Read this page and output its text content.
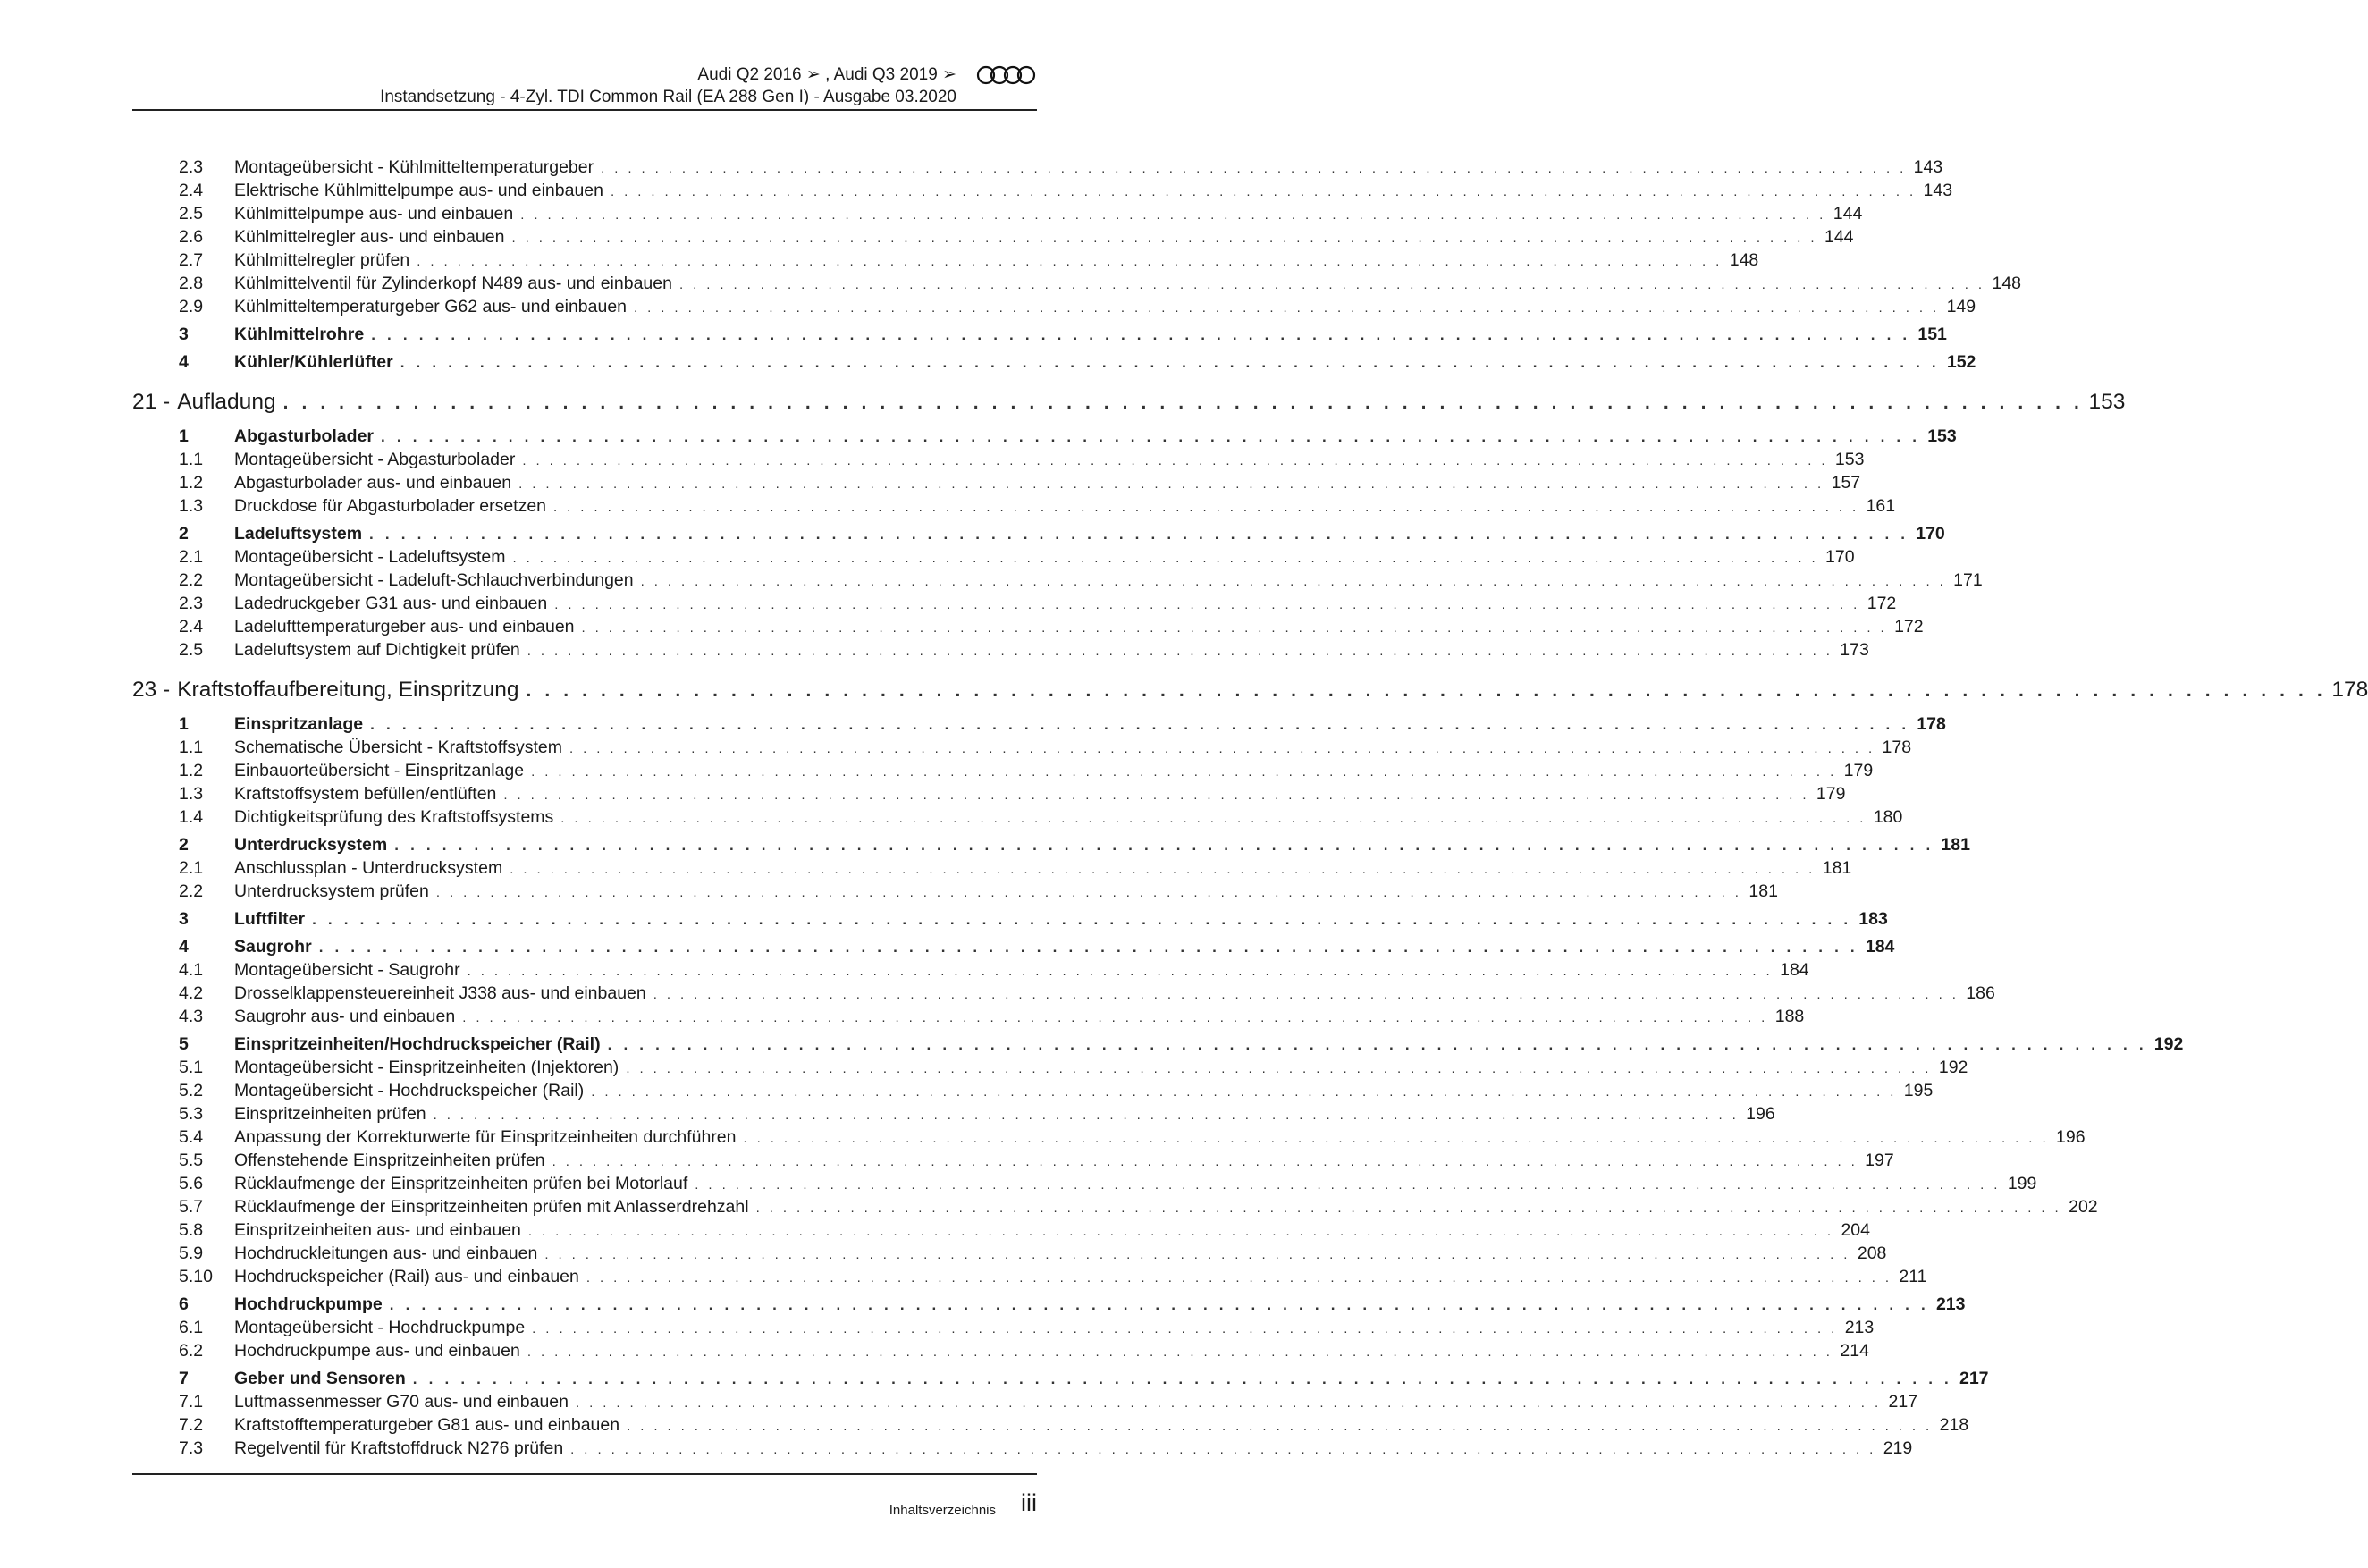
Audi Q2 2016 ➢ , Audi Q3 2019 ➢
Instandsetzung - 4-Zyl. TDI Common Rail (EA 288 Gen I) - Ausgabe 03.2020
2.3	Montageübersicht - Kühlmitteltemperaturgeber . . . . . . . . . . . . . . . . . . . . . . . . . . . . . . . . . . . . . . . . . . . . . . . . . . . . . . . . . . . . . . . . . . . . . . . . . . . . . . . . . . . . . . . . . . . . . . . . . 143
2.4	Elektrische Kühlmittelpumpe aus- und einbauen . . . . . . . . . . . . . . . . . . . . . . . . . . . . . . . . . . . . . . . . . . . . . . . . . . . . . . . . . . . . . . . . . . . . . . . . . . . . . . . . . . . . . . . . . . . . . . . . . 143
2.5	Kühlmittelpumpe aus- und einbauen . . . . . . . . . . . . . . . . . . . . . . . . . . . . . . . . . . . . . . . . . . . . . . . . . . . . . . . . . . . . . . . . . . . . . . . . . . . . . . . . . . . . . . . . . . . . . . . . . 144
2.6	Kühlmittelregler aus- und einbauen . . . . . . . . . . . . . . . . . . . . . . . . . . . . . . . . . . . . . . . . . . . . . . . . . . . . . . . . . . . . . . . . . . . . . . . . . . . . . . . . . . . . . . . . . . . . . . . . . 144
2.7	Kühlmittelregler prüfen . . . . . . . . . . . . . . . . . . . . . . . . . . . . . . . . . . . . . . . . . . . . . . . . . . . . . . . . . . . . . . . . . . . . . . . . . . . . . . . . . . . . . . . . . . . . . . . . . 148
2.8	Kühlmittelventil für Zylinderkopf N489 aus- und einbauen . . . . . . . . . . . . . . . . . . . . . . . . . . . . . . . . . . . . . . . . . . . . . . . . . . . . . . . . . . . . . . . . . . . . . . . . . . . . . . . . . . . . . . . . . . . . . . . . . 148
2.9	Kühlmitteltemperaturgeber G62 aus- und einbauen . . . . . . . . . . . . . . . . . . . . . . . . . . . . . . . . . . . . . . . . . . . . . . . . . . . . . . . . . . . . . . . . . . . . . . . . . . . . . . . . . . . . . . . . . . . . . . . . . 149
3	Kühlmittelrohre . . . . . . . . . . . . . . . . . . . . . . . . . . . . . . . . . . . . . . . . . . . . . . . . . . . . . . . . . . . . . . . . . . . . . . . . . . . . . . . . . . . . . . . . . . . . . . . . . 151
4	Kühler/Kühlerlüfter . . . . . . . . . . . . . . . . . . . . . . . . . . . . . . . . . . . . . . . . . . . . . . . . . . . . . . . . . . . . . . . . . . . . . . . . . . . . . . . . . . . . . . . . . . . . . . . . . 152
21 - Aufladung . . . . . . . . . . . . . . . . . . . . . . . . . . . . . . . . . . . . . . . . . . . . . . . . . . . . . . . . . . . . . . . . . . . . . . . . . . . . . . . . . . . . . . . . . . . . . . . . . 153
1	Abgasturbolader . . . . . . . . . . . . . . . . . . . . . . . . . . . . . . . . . . . . . . . . . . . . . . . . . . . . . . . . . . . . . . . . . . . . . . . . . . . . . . . . . . . . . . . . . . . . . . . . . 153
1.1	Montageübersicht - Abgasturbolader . . . . . . . . . . . . . . . . . . . . . . . . . . . . . . . . . . . . . . . . . . . . . . . . . . . . . . . . . . . . . . . . . . . . . . . . . . . . . . . . . . . . . . . . . . . . . . . . . 153
1.2	Abgasturbolader aus- und einbauen . . . . . . . . . . . . . . . . . . . . . . . . . . . . . . . . . . . . . . . . . . . . . . . . . . . . . . . . . . . . . . . . . . . . . . . . . . . . . . . . . . . . . . . . . . . . . . . . . 157
1.3	Druckdose für Abgasturbolader ersetzen . . . . . . . . . . . . . . . . . . . . . . . . . . . . . . . . . . . . . . . . . . . . . . . . . . . . . . . . . . . . . . . . . . . . . . . . . . . . . . . . . . . . . . . . . . . . . . . . . 161
2	Ladeluftsystem . . . . . . . . . . . . . . . . . . . . . . . . . . . . . . . . . . . . . . . . . . . . . . . . . . . . . . . . . . . . . . . . . . . . . . . . . . . . . . . . . . . . . . . . . . . . . . . . . 170
2.1	Montageübersicht - Ladeluftsystem . . . . . . . . . . . . . . . . . . . . . . . . . . . . . . . . . . . . . . . . . . . . . . . . . . . . . . . . . . . . . . . . . . . . . . . . . . . . . . . . . . . . . . . . . . . . . . . . . 170
2.2	Montageübersicht - Ladeluft-Schlauchverbindungen . . . . . . . . . . . . . . . . . . . . . . . . . . . . . . . . . . . . . . . . . . . . . . . . . . . . . . . . . . . . . . . . . . . . . . . . . . . . . . . . . . . . . . . . . . . . . . . . . 171
2.3	Ladedruckgeber G31 aus- und einbauen . . . . . . . . . . . . . . . . . . . . . . . . . . . . . . . . . . . . . . . . . . . . . . . . . . . . . . . . . . . . . . . . . . . . . . . . . . . . . . . . . . . . . . . . . . . . . . . . . 172
2.4	Ladelufttemperaturgeber aus- und einbauen . . . . . . . . . . . . . . . . . . . . . . . . . . . . . . . . . . . . . . . . . . . . . . . . . . . . . . . . . . . . . . . . . . . . . . . . . . . . . . . . . . . . . . . . . . . . . . . . . 172
2.5	Ladeluftsystem auf Dichtigkeit prüfen . . . . . . . . . . . . . . . . . . . . . . . . . . . . . . . . . . . . . . . . . . . . . . . . . . . . . . . . . . . . . . . . . . . . . . . . . . . . . . . . . . . . . . . . . . . . . . . . . 173
23 - Kraftstoffaufbereitung, Einspritzung . . . . . . . . . . . . . . . . . . . . . . . . . . . . . . . . . . . . . . . . . . . . . . . . . . . . . . . . . . . . . . . . . . . . . . . . . . . . . . . . . . . . . . . . . . . . . . . . . 178
1	Einspritzanlage . . . . . . . . . . . . . . . . . . . . . . . . . . . . . . . . . . . . . . . . . . . . . . . . . . . . . . . . . . . . . . . . . . . . . . . . . . . . . . . . . . . . . . . . . . . . . . . . . 178
1.1	Schematische Übersicht - Kraftstoffsystem . . . . . . . . . . . . . . . . . . . . . . . . . . . . . . . . . . . . . . . . . . . . . . . . . . . . . . . . . . . . . . . . . . . . . . . . . . . . . . . . . . . . . . . . . . . . . . . . . 178
1.2	Einbauorteübersicht - Einspritzanlage . . . . . . . . . . . . . . . . . . . . . . . . . . . . . . . . . . . . . . . . . . . . . . . . . . . . . . . . . . . . . . . . . . . . . . . . . . . . . . . . . . . . . . . . . . . . . . . . . 179
1.3	Kraftstoffsystem befüllen/entlüften . . . . . . . . . . . . . . . . . . . . . . . . . . . . . . . . . . . . . . . . . . . . . . . . . . . . . . . . . . . . . . . . . . . . . . . . . . . . . . . . . . . . . . . . . . . . . . . . . 179
1.4	Dichtigkeitsprüfung des Kraftstoffsystems . . . . . . . . . . . . . . . . . . . . . . . . . . . . . . . . . . . . . . . . . . . . . . . . . . . . . . . . . . . . . . . . . . . . . . . . . . . . . . . . . . . . . . . . . . . . . . . . . 180
2	Unterdrucksystem . . . . . . . . . . . . . . . . . . . . . . . . . . . . . . . . . . . . . . . . . . . . . . . . . . . . . . . . . . . . . . . . . . . . . . . . . . . . . . . . . . . . . . . . . . . . . . . . . 181
2.1	Anschlussplan - Unterdrucksystem . . . . . . . . . . . . . . . . . . . . . . . . . . . . . . . . . . . . . . . . . . . . . . . . . . . . . . . . . . . . . . . . . . . . . . . . . . . . . . . . . . . . . . . . . . . . . . . . . 181
2.2	Unterdrucksystem prüfen . . . . . . . . . . . . . . . . . . . . . . . . . . . . . . . . . . . . . . . . . . . . . . . . . . . . . . . . . . . . . . . . . . . . . . . . . . . . . . . . . . . . . . . . . . . . . . . . . 181
3	Luftfilter . . . . . . . . . . . . . . . . . . . . . . . . . . . . . . . . . . . . . . . . . . . . . . . . . . . . . . . . . . . . . . . . . . . . . . . . . . . . . . . . . . . . . . . . . . . . . . . . . 183
4	Saugrohr . . . . . . . . . . . . . . . . . . . . . . . . . . . . . . . . . . . . . . . . . . . . . . . . . . . . . . . . . . . . . . . . . . . . . . . . . . . . . . . . . . . . . . . . . . . . . . . . . 184
4.1	Montageübersicht - Saugrohr . . . . . . . . . . . . . . . . . . . . . . . . . . . . . . . . . . . . . . . . . . . . . . . . . . . . . . . . . . . . . . . . . . . . . . . . . . . . . . . . . . . . . . . . . . . . . . . . . 184
4.2	Drosselklappensteuereinheit J338 aus- und einbauen . . . . . . . . . . . . . . . . . . . . . . . . . . . . . . . . . . . . . . . . . . . . . . . . . . . . . . . . . . . . . . . . . . . . . . . . . . . . . . . . . . . . . . . . . . . . . . . . . 186
4.3	Saugrohr aus- und einbauen . . . . . . . . . . . . . . . . . . . . . . . . . . . . . . . . . . . . . . . . . . . . . . . . . . . . . . . . . . . . . . . . . . . . . . . . . . . . . . . . . . . . . . . . . . . . . . . . . 188
5	Einspritzeinheiten/Hochdruckspeicher (Rail) . . . . . . . . . . . . . . . . . . . . . . . . . . . . . . . . . . . . . . . . . . . . . . . . . . . . . . . . . . . . . . . . . . . . . . . . . . . . . . . . . . . . . . . . . . . . . . . . . 192
5.1	Montageübersicht - Einspritzeinheiten (Injektoren) . . . . . . . . . . . . . . . . . . . . . . . . . . . . . . . . . . . . . . . . . . . . . . . . . . . . . . . . . . . . . . . . . . . . . . . . . . . . . . . . . . . . . . . . . . . . . . . . . 192
5.2	Montageübersicht - Hochdruckspeicher (Rail) . . . . . . . . . . . . . . . . . . . . . . . . . . . . . . . . . . . . . . . . . . . . . . . . . . . . . . . . . . . . . . . . . . . . . . . . . . . . . . . . . . . . . . . . . . . . . . . . . 195
5.3	Einspritzeinheiten prüfen . . . . . . . . . . . . . . . . . . . . . . . . . . . . . . . . . . . . . . . . . . . . . . . . . . . . . . . . . . . . . . . . . . . . . . . . . . . . . . . . . . . . . . . . . . . . . . . . . 196
5.4	Anpassung der Korrekturwerte für Einspritzeinheiten durchführen . . . . . . . . . . . . . . . . . . . . . . . . . . . . . . . . . . . . . . . . . . . . . . . . . . . . . . . . . . . . . . . . . . . . . . . . . . . . . . . . . . . . . . . . . . . . . . . . . 196
5.5	Offenstehende Einspritzeinheiten prüfen . . . . . . . . . . . . . . . . . . . . . . . . . . . . . . . . . . . . . . . . . . . . . . . . . . . . . . . . . . . . . . . . . . . . . . . . . . . . . . . . . . . . . . . . . . . . . . . . . 197
5.6	Rücklaufmenge der Einspritzeinheiten prüfen bei Motorlauf . . . . . . . . . . . . . . . . . . . . . . . . . . . . . . . . . . . . . . . . . . . . . . . . . . . . . . . . . . . . . . . . . . . . . . . . . . . . . . . . . . . . . . . . . . . . . . . . . 199
5.7	Rücklaufmenge der Einspritzeinheiten prüfen mit Anlasserdrehzahl . . . . . . . . . . . . . . . . . . . . . . . . . . . . . . . . . . . . . . . . . . . . . . . . . . . . . . . . . . . . . . . . . . . . . . . . . . . . . . . . . . . . . . . . . . . . . . . . . 202
5.8	Einspritzeinheiten aus- und einbauen . . . . . . . . . . . . . . . . . . . . . . . . . . . . . . . . . . . . . . . . . . . . . . . . . . . . . . . . . . . . . . . . . . . . . . . . . . . . . . . . . . . . . . . . . . . . . . . . . 204
5.9	Hochdruckleitungen aus- und einbauen . . . . . . . . . . . . . . . . . . . . . . . . . . . . . . . . . . . . . . . . . . . . . . . . . . . . . . . . . . . . . . . . . . . . . . . . . . . . . . . . . . . . . . . . . . . . . . . . . 208
5.10	Hochdruckspeicher (Rail) aus- und einbauen . . . . . . . . . . . . . . . . . . . . . . . . . . . . . . . . . . . . . . . . . . . . . . . . . . . . . . . . . . . . . . . . . . . . . . . . . . . . . . . . . . . . . . . . . . . . . . . . . 211
6	Hochdruckpumpe . . . . . . . . . . . . . . . . . . . . . . . . . . . . . . . . . . . . . . . . . . . . . . . . . . . . . . . . . . . . . . . . . . . . . . . . . . . . . . . . . . . . . . . . . . . . . . . . . 213
6.1	Montageübersicht - Hochdruckpumpe . . . . . . . . . . . . . . . . . . . . . . . . . . . . . . . . . . . . . . . . . . . . . . . . . . . . . . . . . . . . . . . . . . . . . . . . . . . . . . . . . . . . . . . . . . . . . . . . . 213
6.2	Hochdruckpumpe aus- und einbauen . . . . . . . . . . . . . . . . . . . . . . . . . . . . . . . . . . . . . . . . . . . . . . . . . . . . . . . . . . . . . . . . . . . . . . . . . . . . . . . . . . . . . . . . . . . . . . . . . 214
7	Geber und Sensoren . . . . . . . . . . . . . . . . . . . . . . . . . . . . . . . . . . . . . . . . . . . . . . . . . . . . . . . . . . . . . . . . . . . . . . . . . . . . . . . . . . . . . . . . . . . . . . . . . 217
7.1	Luftmassenmesser G70 aus- und einbauen . . . . . . . . . . . . . . . . . . . . . . . . . . . . . . . . . . . . . . . . . . . . . . . . . . . . . . . . . . . . . . . . . . . . . . . . . . . . . . . . . . . . . . . . . . . . . . . . . 217
7.2	Kraftstofftemperaturgeber G81 aus- und einbauen . . . . . . . . . . . . . . . . . . . . . . . . . . . . . . . . . . . . . . . . . . . . . . . . . . . . . . . . . . . . . . . . . . . . . . . . . . . . . . . . . . . . . . . . . . . . . . . . . 218
7.3	Regelventil für Kraftstoffdruck N276 prüfen . . . . . . . . . . . . . . . . . . . . . . . . . . . . . . . . . . . . . . . . . . . . . . . . . . . . . . . . . . . . . . . . . . . . . . . . . . . . . . . . . . . . . . . . . . . . . . . . . 219
Inhaltsverzeichnis iii
